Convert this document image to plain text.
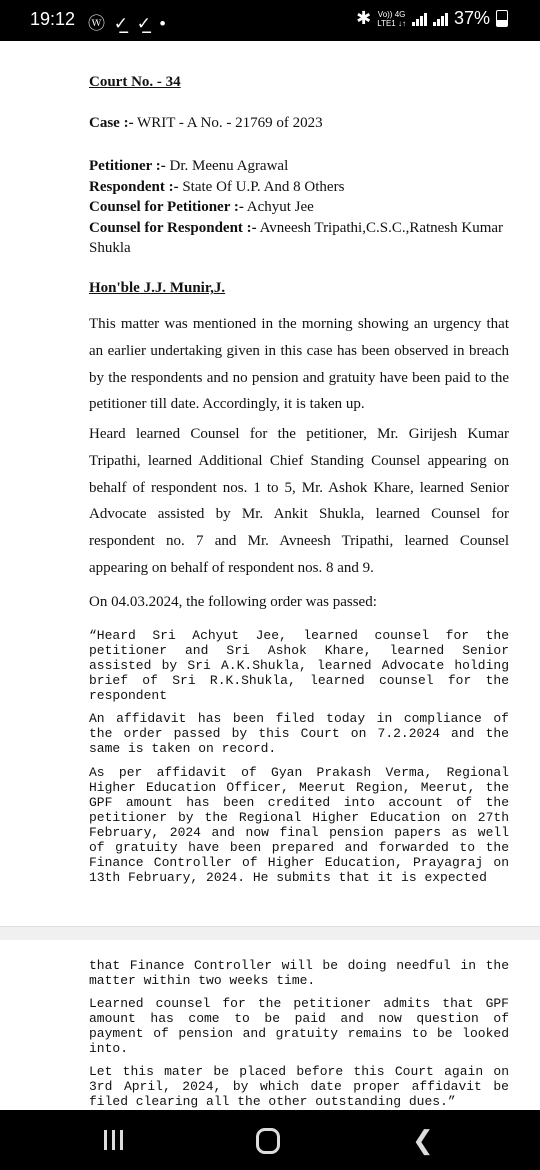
19:12 ⓦ ✓̲ ✓̲ •	✱ Vo)) 4G
LTE1 ↓↑	37%
Court No. - 34
Case :- WRIT - A No. - 21769 of 2023
Petitioner :- Dr. Meenu Agrawal
Respondent :- State Of U.P. And 8 Others
Counsel for Petitioner :- Achyut Jee
Counsel for Respondent :- Avneesh Tripathi,C.S.C.,Ratnesh Kumar Shukla
Hon'ble J.J. Munir,J.
This matter was mentioned in the morning showing an urgency that an earlier undertaking given in this case has been observed in breach by the respondents and no pension and gratuity have been paid to the petitioner till date. Accordingly, it is taken up.
Heard learned Counsel for the petitioner, Mr. Girijesh Kumar Tripathi, learned Additional Chief Standing Counsel appearing on behalf of respondent nos. 1 to 5, Mr. Ashok Khare, learned Senior Advocate assisted by Mr. Ankit Shukla, learned Counsel for respondent no. 7 and Mr. Avneesh Tripathi, learned Counsel appearing on behalf of respondent nos. 8 and 9.
On 04.03.2024, the following order was passed:
“Heard Sri Achyut Jee, learned counsel for the petitioner and Sri Ashok Khare, learned Senior assisted by Sri A.K.Shukla, learned Advocate holding brief of Sri R.K.Shukla, learned counsel for the respondent
An affidavit has been filed today in compliance of the order passed by this Court on 7.2.2024 and the same is taken on record.
As per affidavit of Gyan Prakash Verma, Regional Higher Education Officer, Meerut Region, Meerut, the GPF amount has been credited into account of the petitioner by the Regional Higher Education on 27th February, 2024 and now final pension papers as well of gratuity have been prepared and forwarded to the Finance Controller of Higher Education, Prayagraj on 13th February, 2024. He submits that it is expected
that Finance Controller will be doing needful in the matter within two weeks time.
Learned counsel for the petitioner admits that GPF amount has come to be paid and now question of payment of pension and gratuity remains to be looked into.
Let this mater be placed before this Court again on 3rd April, 2024, by which date proper affidavit be filed clearing all the other outstanding dues.”
❮
